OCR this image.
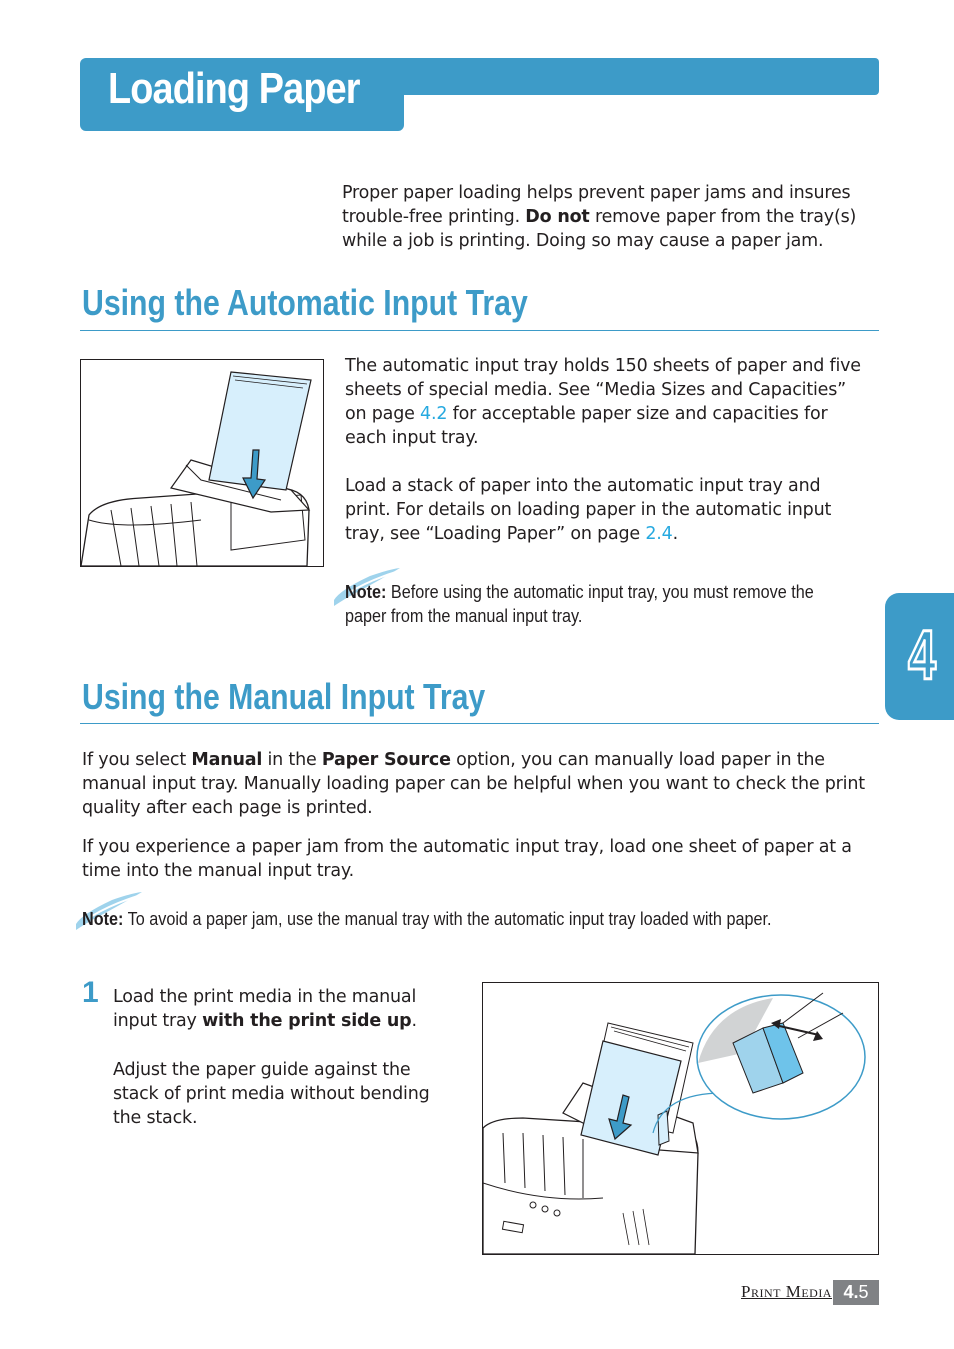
Loading Paper

Proper paper loading helps prevent paper jams and insures trouble-free printing. Do not remove paper from the tray(s) while a job is printing. Doing so may cause a paper jam.

Using the Automatic Input Tray

The automatic input tray holds 150 sheets of paper and five sheets of special media. See “Media Sizes and Capacities” on page 4.2 for acceptable paper size and capacities for each input tray.

Load a stack of paper into the automatic input tray and print. For details on loading paper in the automatic input tray, see “Loading Paper” on page 2.4.

Note: Before using the automatic input tray, you must remove the paper from the manual input tray.
Using the Manual Input Tray

If you select Manual in the Paper Source option, you can manually load paper in the manual input tray. Manually loading paper can be helpful when you want to check the print quality after each page is printed.

If you experience a paper jam from the automatic input tray, load one sheet of paper at a time into the manual input tray.

Note: To avoid a paper jam, use the manual tray with the automatic input tray loaded with paper.
1 Load the print media in the manual input tray with the print side up.

Adjust the paper guide against the stack of print media without bending the stack.

4
Print Media 4.5
